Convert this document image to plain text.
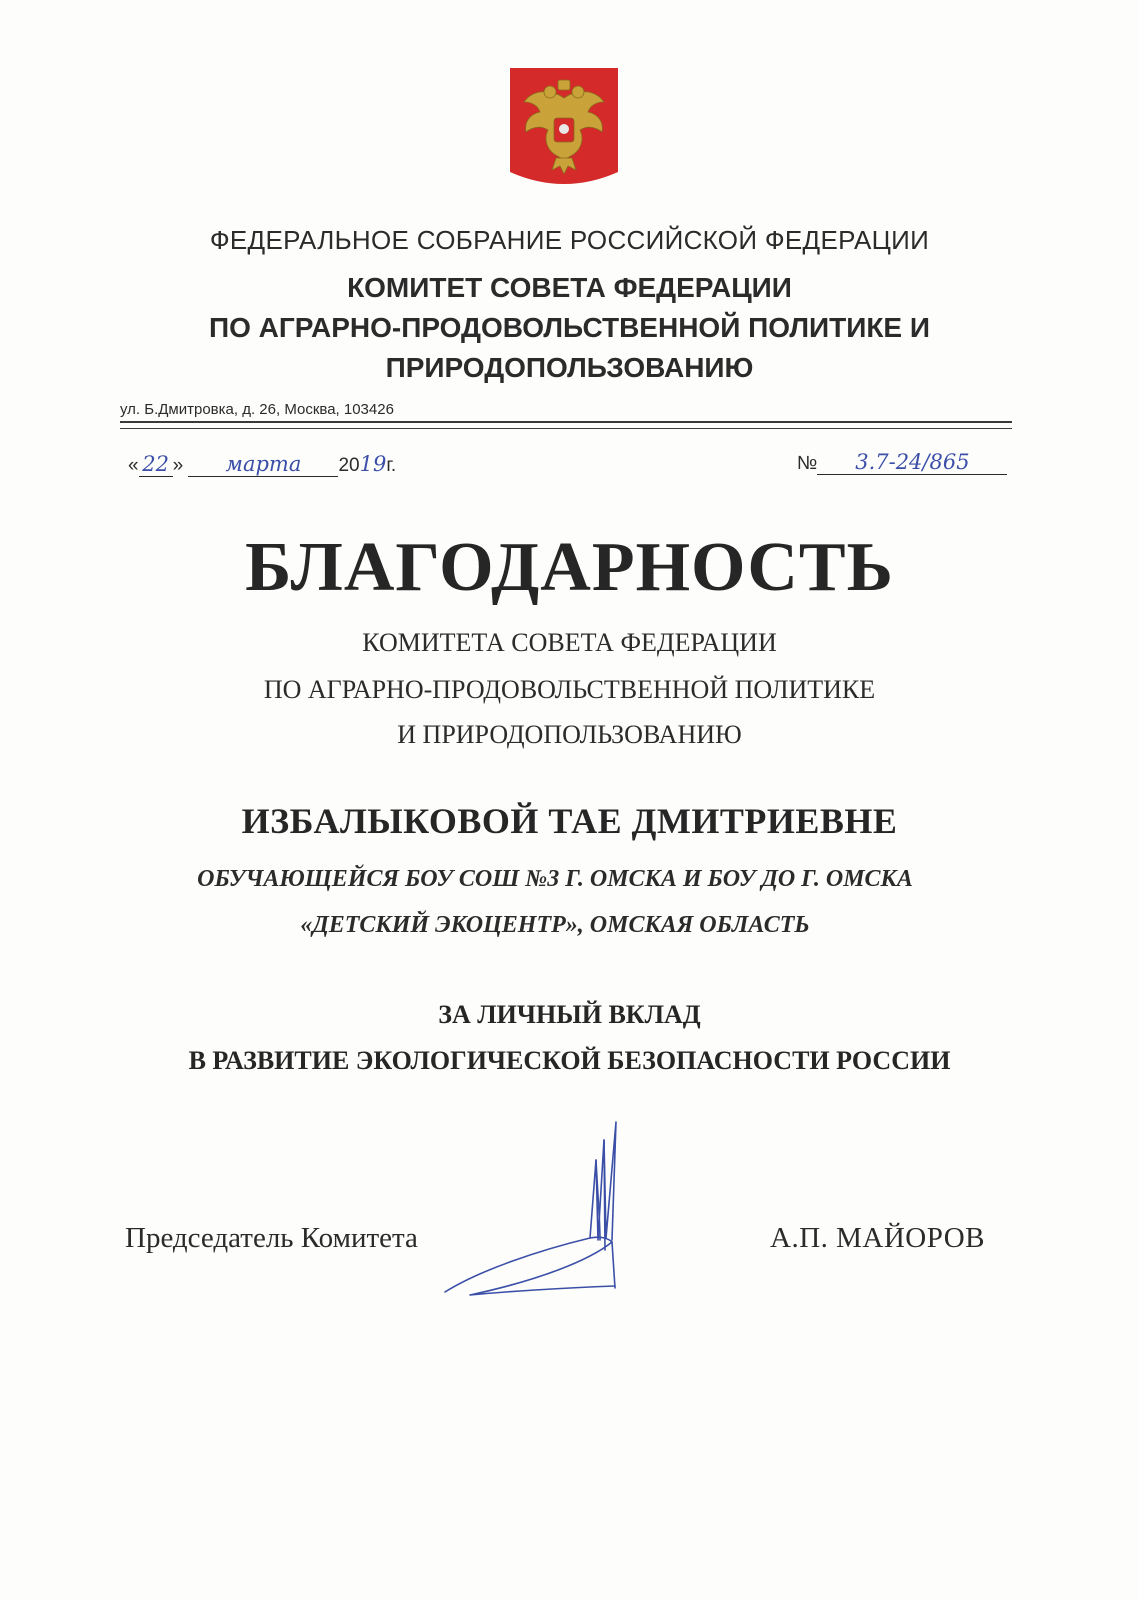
ФЕДЕРАЛЬНОЕ СОБРАНИЕ РОССИЙСКОЙ ФЕДЕРАЦИИ
КОМИТЕТ СОВЕТА ФЕДЕРАЦИИ
ПО АГРАРНО-ПРОДОВОЛЬСТВЕННОЙ ПОЛИТИКЕ И
ПРИРОДОПОЛЬЗОВАНИЮ
ул. Б.Дмитровка, д. 26, Москва, 103426
« 22 » марта 2019г.	№ 3.7-24/865
БЛАГОДАРНОСТЬ
КОМИТЕТА СОВЕТА ФЕДЕРАЦИИ
ПО АГРАРНО-ПРОДОВОЛЬСТВЕННОЙ ПОЛИТИКЕ
И ПРИРОДОПОЛЬЗОВАНИЮ
ИЗБАЛЫКОВОЙ ТАЕ ДМИТРИЕВНЕ
ОБУЧАЮЩЕЙСЯ БОУ СОШ №3 Г. ОМСКА И БОУ ДО Г. ОМСКА
«ДЕТСКИЙ ЭКОЦЕНТР», ОМСКАЯ ОБЛАСТЬ
ЗА ЛИЧНЫЙ ВКЛАД
В РАЗВИТИЕ ЭКОЛОГИЧЕСКОЙ БЕЗОПАСНОСТИ РОССИИ
Председатель Комитета	А.П. МАЙОРОВ
